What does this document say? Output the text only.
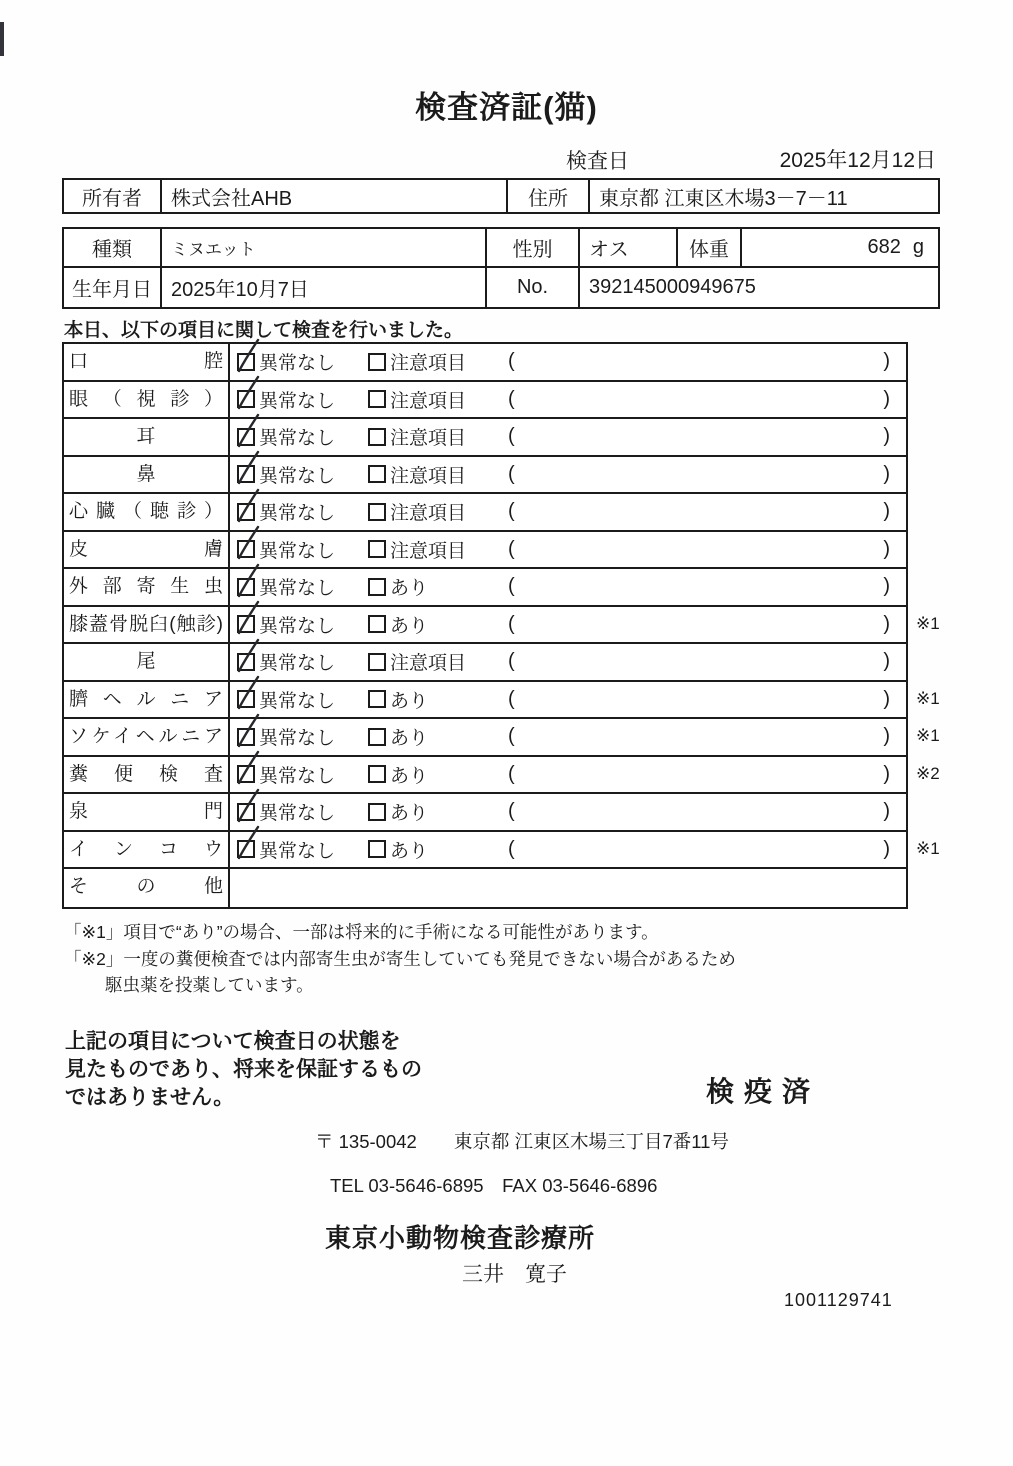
検査済証(猫)
検査日	2025年12月12日
所有者	株式会社AHB	住所	東京都 江東区木場3－7－11
種類	ミヌエット	性別	オス	体重	682 g
生年月日 2025年10月7日	No.	392145000949675
本日、以下の項目に関して検査を行いました。
口腔	異常なし	注意項目 (	)
眼（視診）	異常なし	注意項目 (	)
耳	異常なし	注意項目 (	)
鼻	異常なし	注意項目 (	)
心臓（聴診）	異常なし	注意項目 (	)
皮膚	異常なし	注意項目 (	)
外部寄生虫	異常なし	あり	(	)
膝蓋骨脱臼(触診)	異常なし	あり	(	) ※1
尾	異常なし	注意項目 (	)
臍ヘルニア	異常なし	あり	(	) ※1
ソケイヘルニア	異常なし	あり	(	) ※1
糞便検査	異常なし	あり	(	) ※2
泉門	異常なし	あり	(	)
インコウ	異常なし	あり	(	) ※1
その他
「※1」項目で“あり”の場合、一部は将来的に手術になる可能性があります。
「※2」一度の糞便検査では内部寄生虫が寄生していても発見できない場合があるため
駆虫薬を投薬しています。
上記の項目について検査日の状態を
見たものであり、将来を保証するもの
ではありません。	検疫済
〒 135-0042　　東京都 江東区木場三丁目7番11号
TEL 03-5646-6895　FAX 03-5646-6896
東京小動物検査診療所
三井　寛子
1001129741
